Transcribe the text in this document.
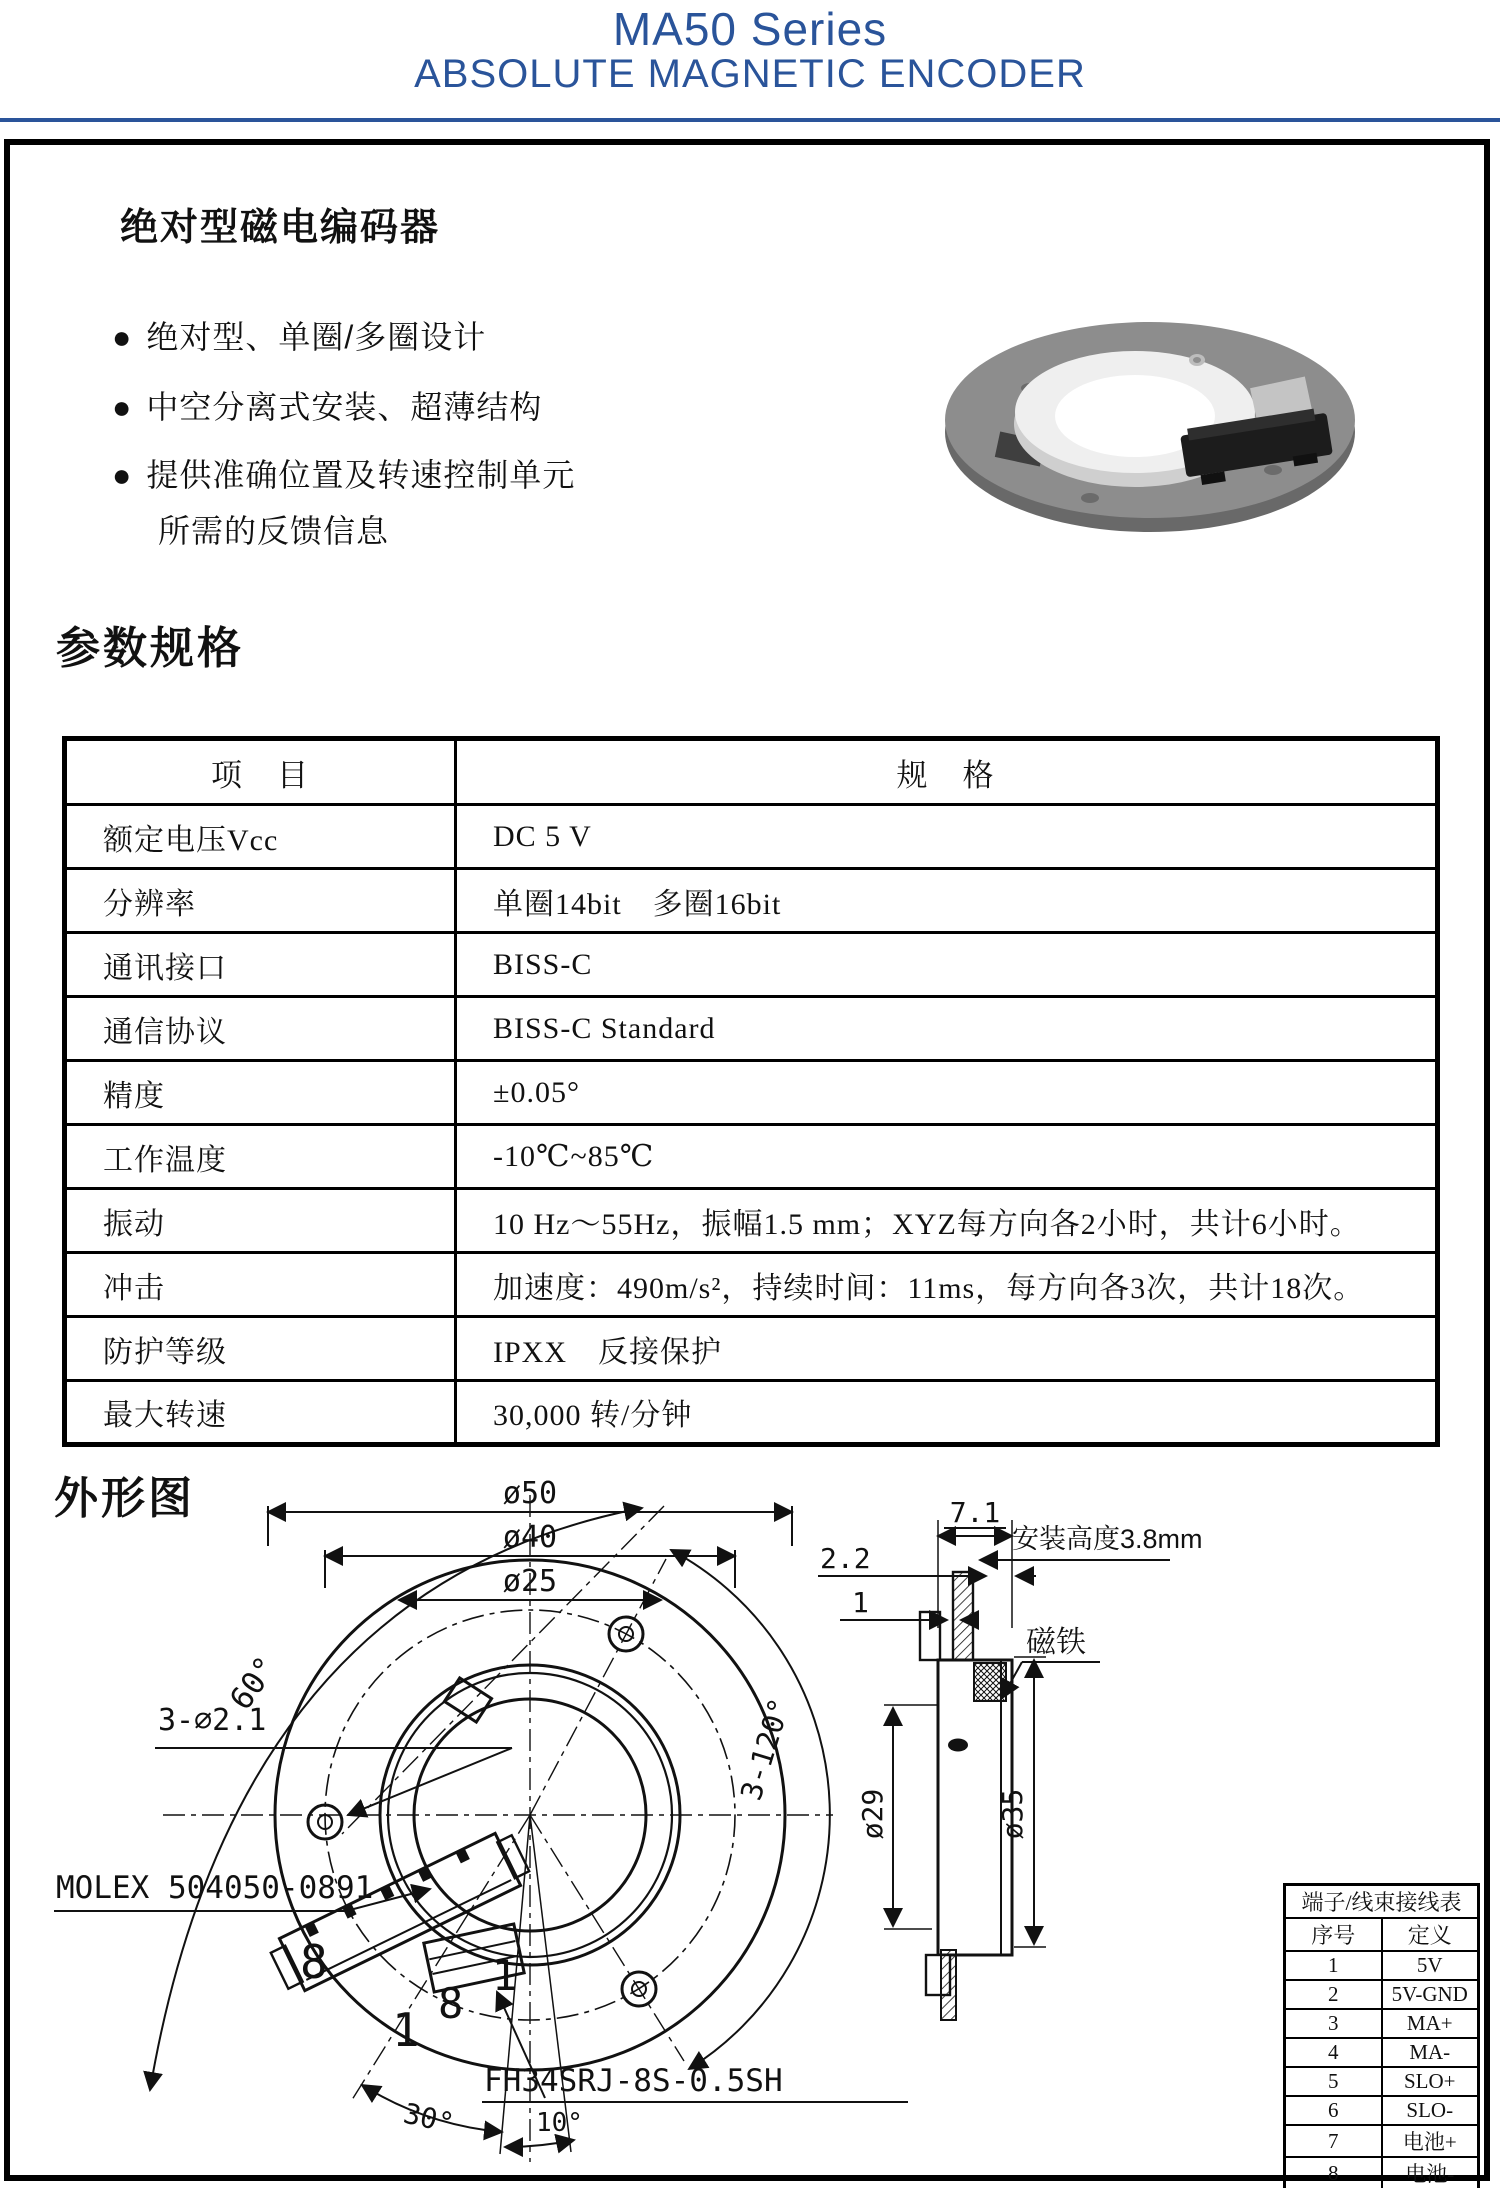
MA50 Series
ABSOLUTE MAGNETIC ENCODER
绝对型磁电编码器
● 绝对型、单圈/多圈设计
● 中空分离式安装、超薄结构
● 提供准确位置及转速控制单元
所需的反馈信息
参数规格
项　目	规　格
额定电压Vcc	DC 5 V
分辨率	单圈14bit　多圈16bit
通讯接口	BISS-C
通信协议	BISS-C Standard
精度	±0.05°
工作温度	-10℃~85℃
振动	10 Hz～55Hz，振幅1.5 mm；XYZ每方向各2小时，共计6小时。
冲击	加速度：490m/s²，持续时间：11ms，每方向各3次，共计18次。
防护等级	IPXX　反接保护
最大转速	30,000 转/分钟
外形图	ø50
ø40
ø25
60°
3-∅2.1	3-120°
30°	10°
MOLEX 504050-0891
8
1 8
1
FH34SRJ-8S-0.5SH
7.1
2.2
1
安装高度3.8mm
磁铁
ø29	ø35
端子/线束接线表	
序号	定义
1	5V
2	5V-GND
3	MA+
4	MA-
5	SLO+
6	SLO-
7	电池+
8	电池-
